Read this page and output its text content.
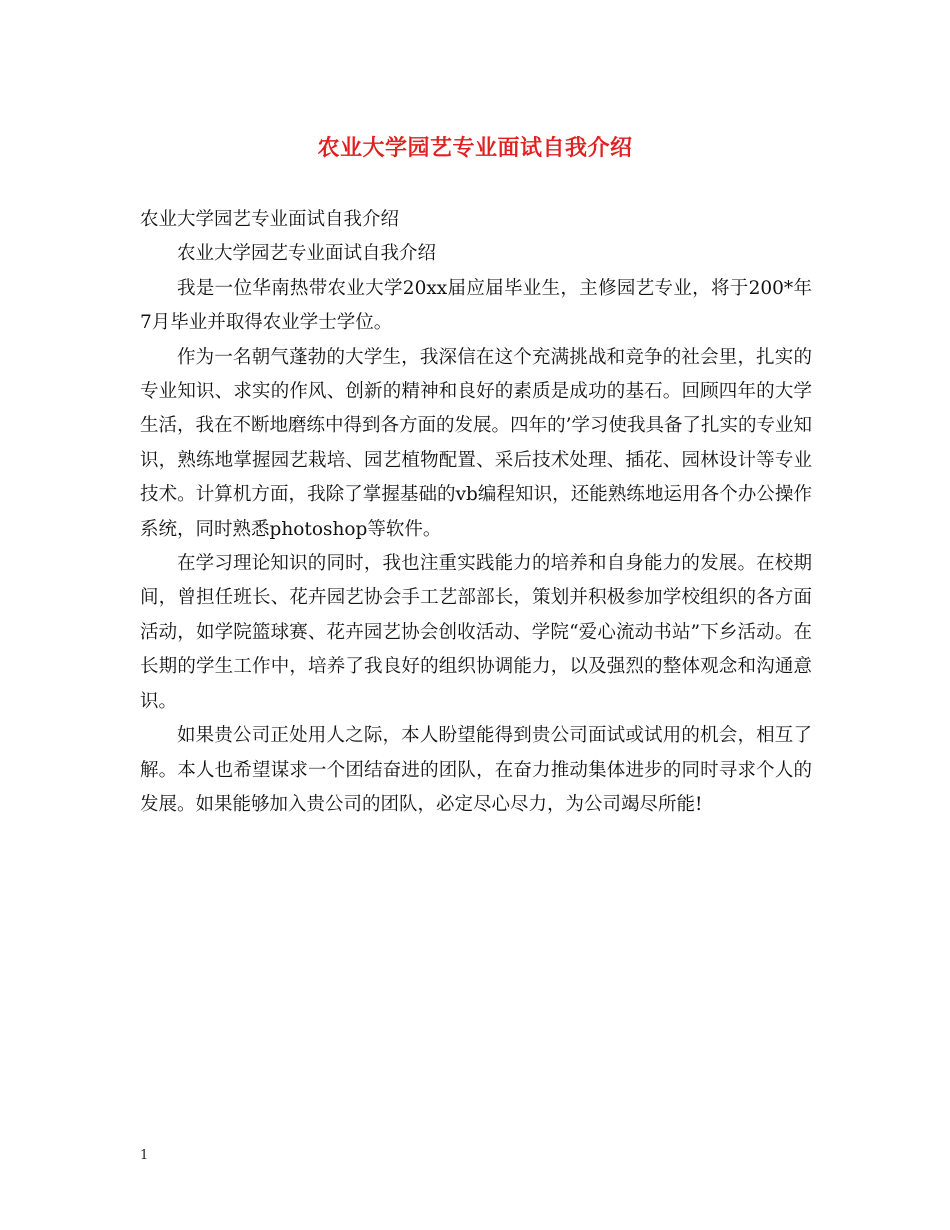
农业大学园艺专业面试自我介绍

农业大学园艺专业面试自我介绍

农业大学园艺专业面试自我介绍

我是一位华南热带农业大学20xx届应届毕业生，主修园艺专业，将于200*年7月毕业并取得农业学士学位。

作为一名朝气蓬勃的大学生，我深信在这个充满挑战和竞争的社会里，扎实的专业知识、求实的作风、创新的精神和良好的素质是成功的基石。回顾四年的大学生活，我在不断地磨练中得到各方面的发展。四年的’学习使我具备了扎实的专业知识，熟练地掌握园艺栽培、园艺植物配置、采后技术处理、插花、园林设计等专业技术。计算机方面，我除了掌握基础的vb编程知识，还能熟练地运用各个办公操作系统，同时熟悉photoshop等软件。

在学习理论知识的同时，我也注重实践能力的培养和自身能力的发展。在校期间，曾担任班长、花卉园艺协会手工艺部部长，策划并积极参加学校组织的各方面活动，如学院篮球赛、花卉园艺协会创收活动、学院“爱心流动书站”下乡活动。在长期的学生工作中，培养了我良好的组织协调能力，以及强烈的整体观念和沟通意识。

如果贵公司正处用人之际，本人盼望能得到贵公司面试或试用的机会，相互了解。本人也希望谋求一个团结奋进的团队，在奋力推动集体进步的同时寻求个人的发展。如果能够加入贵公司的团队，必定尽心尽力，为公司竭尽所能!

1
